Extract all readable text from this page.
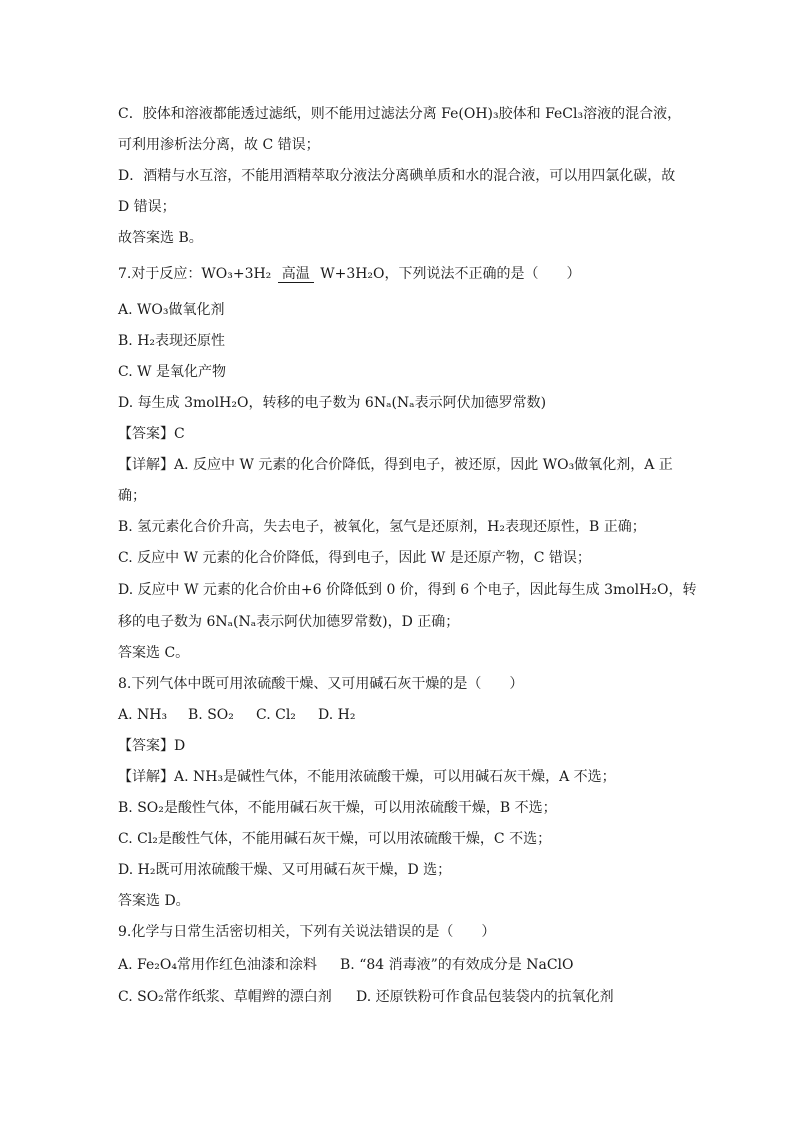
C．胶体和溶液都能透过滤纸，则不能用过滤法分离 Fe(OH)₃胶体和 FeCl₃溶液的混合液，
可利用渗析法分离，故 C 错误；
D．酒精与水互溶，不能用酒精萃取分液法分离碘单质和水的混合液，可以用四氯化碳，故
D 错误；
故答案选 B。
7.对于反应：WO₃+3H₂ 高温 W+3H₂O，下列说法不正确的是（　　）
A. WO₃做氧化剂
B. H₂表现还原性
C. W 是氧化产物
D. 每生成 3molH₂O，转移的电子数为 6Nₐ(Nₐ表示阿伏加德罗常数)
【答案】C
【详解】A. 反应中 W 元素的化合价降低，得到电子，被还原，因此 WO₃做氧化剂，A 正
确；
B. 氢元素化合价升高，失去电子，被氧化，氢气是还原剂，H₂表现还原性，B 正确；
C. 反应中 W 元素的化合价降低，得到电子，因此 W 是还原产物，C 错误；
D. 反应中 W 元素的化合价由+6 价降低到 0 价，得到 6 个电子，因此每生成 3molH₂O，转
移的电子数为 6Nₐ(Nₐ表示阿伏加德罗常数)，D 正确；
答案选 C。
8.下列气体中既可用浓硫酸干燥、又可用碱石灰干燥的是（　　）
A. NH₃ B. SO₂ C. Cl₂ D. H₂
【答案】D
【详解】A. NH₃是碱性气体，不能用浓硫酸干燥，可以用碱石灰干燥，A 不选；
B. SO₂是酸性气体，不能用碱石灰干燥，可以用浓硫酸干燥，B 不选；
C. Cl₂是酸性气体，不能用碱石灰干燥，可以用浓硫酸干燥，C 不选；
D. H₂既可用浓硫酸干燥、又可用碱石灰干燥，D 选；
答案选 D。
9.化学与日常生活密切相关，下列有关说法错误的是（　　）
A. Fe₂O₄常用作红色油漆和涂料 B. “84 消毒液”的有效成分是 NaClO
C. SO₂常作纸浆、草帽辫的漂白剂 D. 还原铁粉可作食品包装袋内的抗氧化剂
